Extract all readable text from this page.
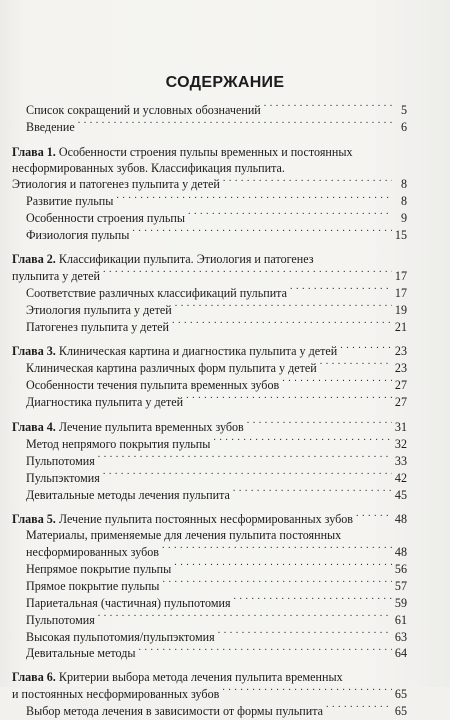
СОДЕРЖАНИЕ
Список сокращений и условных обозначений . . .	5
Введение . . .	6
Глава 1. Особенности строения пульпы временных и постоянных
несформированных зубов. Классификация пульпита.
Этиология и патогенез пульпита у детей . . .	8
Развитие пульпы . . .	8
Особенности строения пульпы . . .	9
Физиология пульпы . . .	15
Глава 2. Классификации пульпита. Этиология и патогенез
пульпита у детей . . .	17
Соответствие различных классификаций пульпита . . .	17
Этиология пульпита у детей . . .	19
Патогенез пульпита у детей . . .	21
Глава 3. Клиническая картина и диагностика пульпита у детей . . .	23
Клиническая картина различных форм пульпита у детей . . .	23
Особенности течения пульпита временных зубов . . .	27
Диагностика пульпита у детей . . .	27
Глава 4. Лечение пульпита временных зубов . . .	31
Метод непрямого покрытия пульпы . . .	32
Пульпотомия . . .	33
Пульпэктомия . . .	42
Девитальные методы лечения пульпита . . .	45
Глава 5. Лечение пульпита постоянных несформированных зубов . . .	48
Материалы, применяемые для лечения пульпита постоянных
несформированных зубов . . .	48
Непрямое покрытие пульпы . . .	56
Прямое покрытие пульпы . . .	57
Париетальная (частичная) пульпотомия . . .	59
Пульпотомия . . .	61
Высокая пульпотомия/пульпэктомия . . .	63
Девитальные методы . . .	64
Глава 6. Критерии выбора метода лечения пульпита временных
и постоянных несформированных зубов . . .	65
Выбор метода лечения в зависимости от формы пульпита . . .	65
